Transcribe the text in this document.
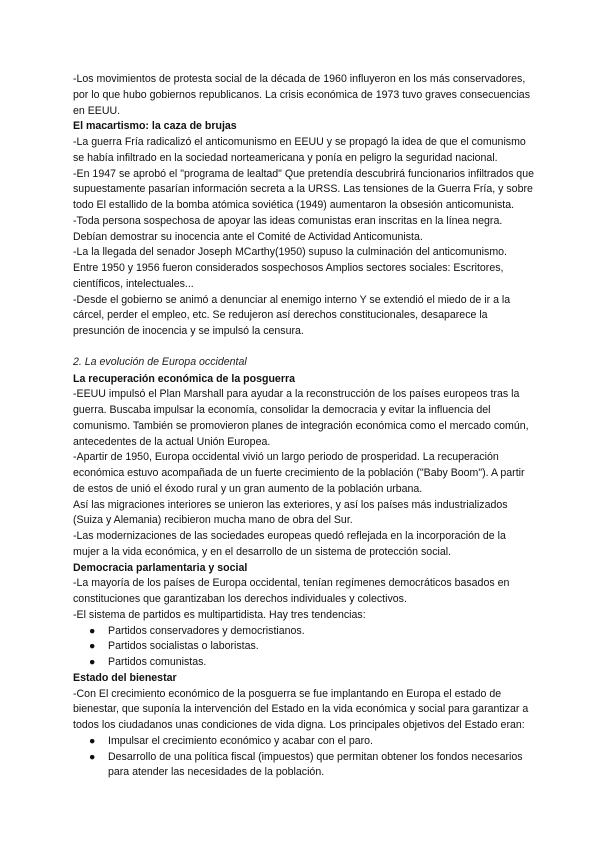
-Los movimientos de protesta social de la década de 1960 influyeron en los más conservadores, por lo que hubo gobiernos republicanos. La crisis económica de 1973 tuvo graves consecuencias en EEUU.

El macartismo: la caza de brujas

-La guerra Fría radicalizó el anticomunismo en EEUU y se propagó la idea de que el comunismo se había infiltrado en la sociedad norteamericana y ponía en peligro la seguridad nacional.

-En 1947 se aprobó el "programa de lealtad" Que pretendía descubrirá funcionarios infiltrados que supuestamente pasarían información secreta a la URSS. Las tensiones de la Guerra Fría, y sobre todo El estallido de la bomba atómica soviética (1949) aumentaron la obsesión anticomunista.

-Toda persona sospechosa de apoyar las ideas comunistas eran inscritas en la línea negra. Debían demostrar su inocencia ante el Comité de Actividad Anticomunista.

-La la llegada del senador Joseph MCarthy(1950) supuso la culminación del anticomunismo. Entre 1950 y 1956 fueron considerados sospechosos Amplios sectores sociales: Escritores, científicos, intelectuales...

-Desde el gobierno se animó a denunciar al enemigo interno Y se extendió el miedo de ir a la cárcel, perder el empleo, etc. Se redujeron así derechos constitucionales, desaparece la presunción de inocencia y se impulsó la censura.

2. La evolución de Europa occidental
La recuperación económica de la posguerra

-EEUU impulsó el Plan Marshall para ayudar a la reconstrucción de los países europeos tras la guerra. Buscaba impulsar la economía, consolidar la democracia y evitar la influencia del comunismo. También se promovieron planes de integración económica como el mercado común, antecedentes de la actual Unión Europea.

-Apartir de 1950, Europa occidental vivió un largo periodo de prosperidad. La recuperación económica estuvo acompañada de un fuerte crecimiento de la población ("Baby Boom"). A partir de estos de unió el éxodo rural y un gran aumento de la población urbana.

Así las migraciones interiores se unieron las exteriores, y así los países más industrializados (Suiza y Alemania) recibieron mucha mano de obra del Sur.

-Las modernizaciones de las sociedades europeas quedó reflejada en la incorporación de la mujer a la vida económica, y en el desarrollo de un sistema de protección social.

Democracia parlamentaria y social

-La mayoría de los países de Europa occidental, tenían regímenes democráticos basados en constituciones que garantizaban los derechos individuales y colectivos.

-El sistema de partidos es multipartidista. Hay tres tendencias:

● Partidos conservadores y democristianos.
● Partidos socialistas o laboristas.
● Partidos comunistas.
Estado del bienestar

-Con El crecimiento económico de la posguerra se fue implantando en Europa el estado de bienestar, que suponía la intervención del Estado en la vida económica y social para garantizar a todos los ciudadanos unas condiciones de vida digna. Los principales objetivos del Estado eran:

● Impulsar el crecimiento económico y acabar con el paro.
● Desarrollo de una política fiscal (impuestos) que permitan obtener los fondos necesarios para atender las necesidades de la población.
